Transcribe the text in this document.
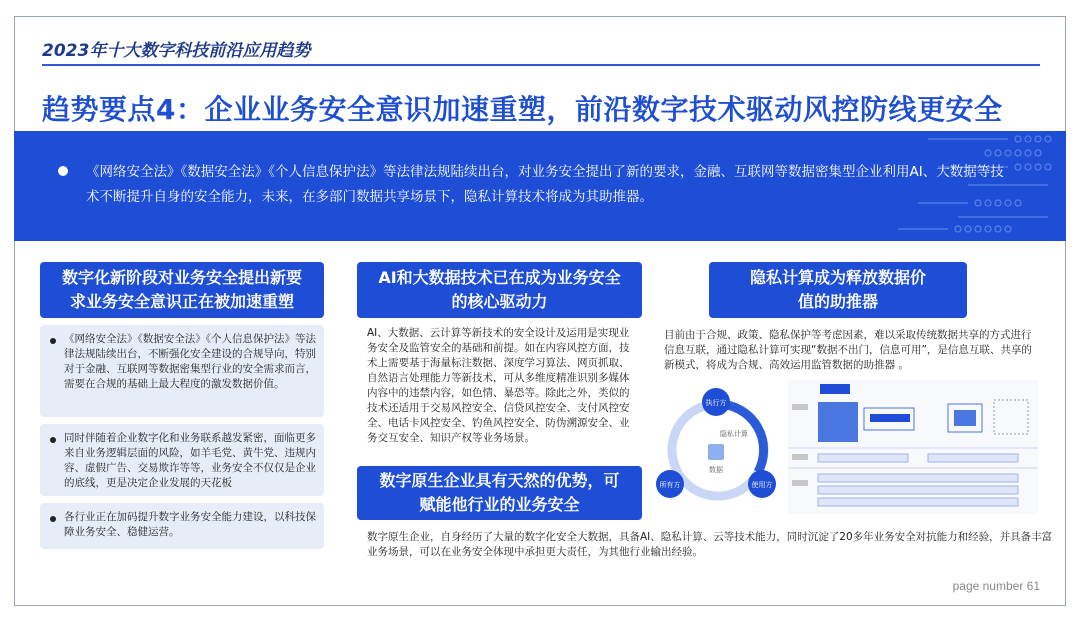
2023年十大数字科技前沿应用趋势
趋势要点4：企业业务安全意识加速重塑，前沿数字技术驱动风控防线更安全
《网络安全法》《数据安全法》《个人信息保护法》等法律法规陆续出台，对业务安全提出了新的要求，金融、互联网等数据密集型企业利用AI、大数据等技术不断提升自身的安全能力，未来，在多部门数据共享场景下，隐私计算技术将成为其助推器。
数字化新阶段对业务安全提出新要
求业务安全意识正在被加速重塑
《网络安全法》《数据安全法》《个人信息保护法》等法律法规陆续出台，不断强化安全建设的合规导向，特别对于金融、互联网等数据密集型行业的安全需求而言，需要在合规的基础上最大程度的激发数据价值。
同时伴随着企业数字化和业务联系越发紧密，面临更多来自业务逻辑层面的风险，如羊毛党、黄牛党、违规内容、虚假广告、交易欺诈等等，业务安全不仅仅是企业的底线，更是决定企业发展的天花板
各行业正在加码提升数字业务安全能力建设，以科技保障业务安全、稳健运营。
AI和大数据技术已在成为业务安全
的核心驱动力
AI、大数据、云计算等新技术的安全设计及运用是实现业务安全及监管安全的基础和前提。如在内容风控方面，技术上需要基于海量标注数据、深度学习算法、网页抓取、自然语言处理能力等新技术，可从多维度精准识别多媒体内容中的违禁内容，如色情、暴恐等。除此之外，类似的技术还适用于交易风控安全、信贷风控安全、支付风控安全、电话卡风控安全、钓鱼风控安全、防伪溯源安全、业务交互安全、知识产权等业务场景。
隐私计算成为释放数据价
值的助推器
目前由于合规、政策、隐私保护等考虑因素，难以采取传统数据共享的方式进行信息互联，通过隐私计算可实现“数据不出门，信息可用”，是信息互联、共享的新模式，将成为合规、高效运用监管数据的助推器 。
执行方
所有方	使用方
隐私计算
数据
数字原生企业具有天然的优势，可
赋能他行业的业务安全
数字原生企业，自身经历了大量的数字化安全大数据，具备AI、隐私计算、云等技术能力，同时沉淀了20多年业务安全对抗能力和经验，并具备丰富业务场景，可以在业务安全体现中承担更大责任，为其他行业输出经验。
page number 61
